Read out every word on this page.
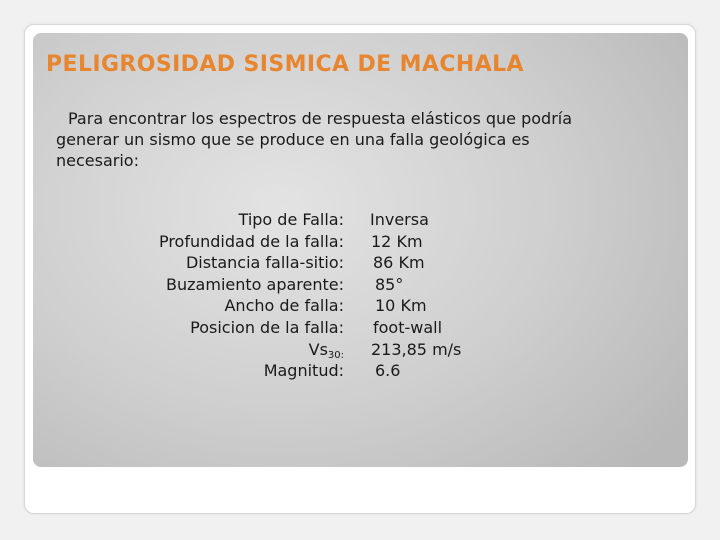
PELIGROSIDAD SISMICA DE MACHALA
Para encontrar los espectros de respuesta elásticos que podría
generar un sismo que se produce en una falla geológica es
necesario:
Tipo de Falla:	Inversa
Profundidad de la falla:	12 Km
Distancia falla-sitio:	86 Km
Buzamiento aparente:	85°
Ancho de falla:	10 Km
Posicion de la falla:	foot-wall
$Vs_{30:}$	213,85 m/s
Magnitud:	6.6
